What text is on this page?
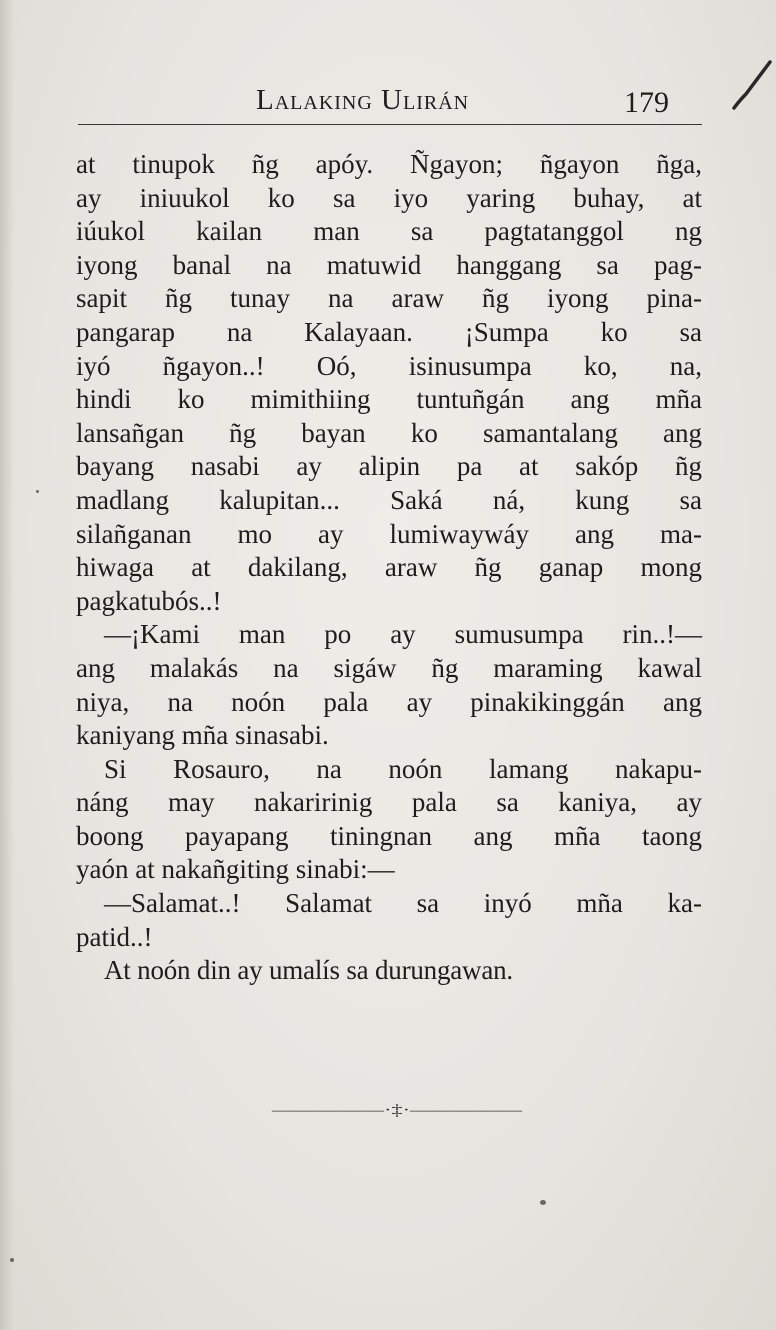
Lalaking Ulirán	179
at tinupok ñg apóy. Ñgayon; ñgayon ñga,
ay iniuukol ko sa iyo yaring buhay, at
iúukol kailan man sa pagtatanggol ng
iyong banal na matuwid hanggang sa pag-
sapit ñg tunay na araw ñg iyong pina-
pangarap na Kalayaan. ¡Sumpa ko sa
iyó ñgayon..! Oó, isinusumpa ko, na,
hindi ko mimithiing tuntuñgán ang mña
lansañgan ñg bayan ko samantalang ang
bayang nasabi ay alipin pa at sakóp ñg
madlang kalupitan... Saká ná, kung sa
silañganan mo ay lumiwaywáy ang ma-
hiwaga at dakilang, araw ñg ganap mong
pagkatubós..!
—¡Kami man po ay sumusumpa rin..!—
ang malakás na sigáw ñg maraming kawal
niya, na noón pala ay pinakikinggán ang
kaniyang mña sinasabi.
Si Rosauro, na noón lamang nakapu-
náng may nakaririnig pala sa kaniya, ay
boong payapang tiningnan ang mña taong
yaón at nakañgiting sinabi:—
—Salamat..! Salamat sa inyó mña ka-
patid..!
At noón din ay umalís sa durungawan.
—————·‡·—————
